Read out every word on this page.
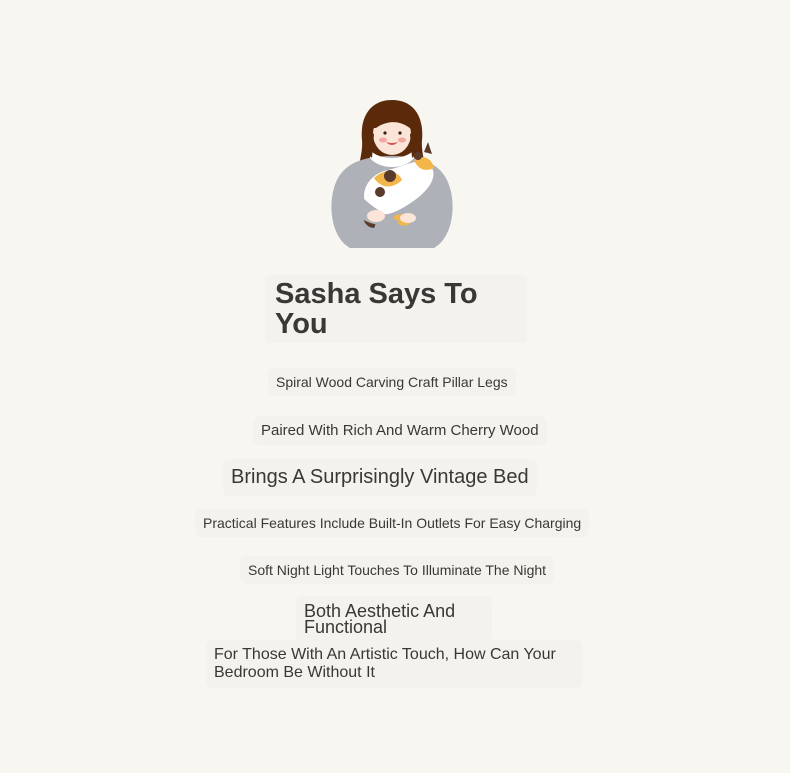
Sasha Says To You
Spiral Wood Carving Craft Pillar Legs
Paired With Rich And Warm Cherry Wood
Brings A Surprisingly Vintage Bed
Practical Features Include Built-In Outlets For Easy Charging
Soft Night Light Touches To Illuminate The Night
Both Aesthetic And Functional
For Those With An Artistic Touch, How Can Your Bedroom Be Without It
